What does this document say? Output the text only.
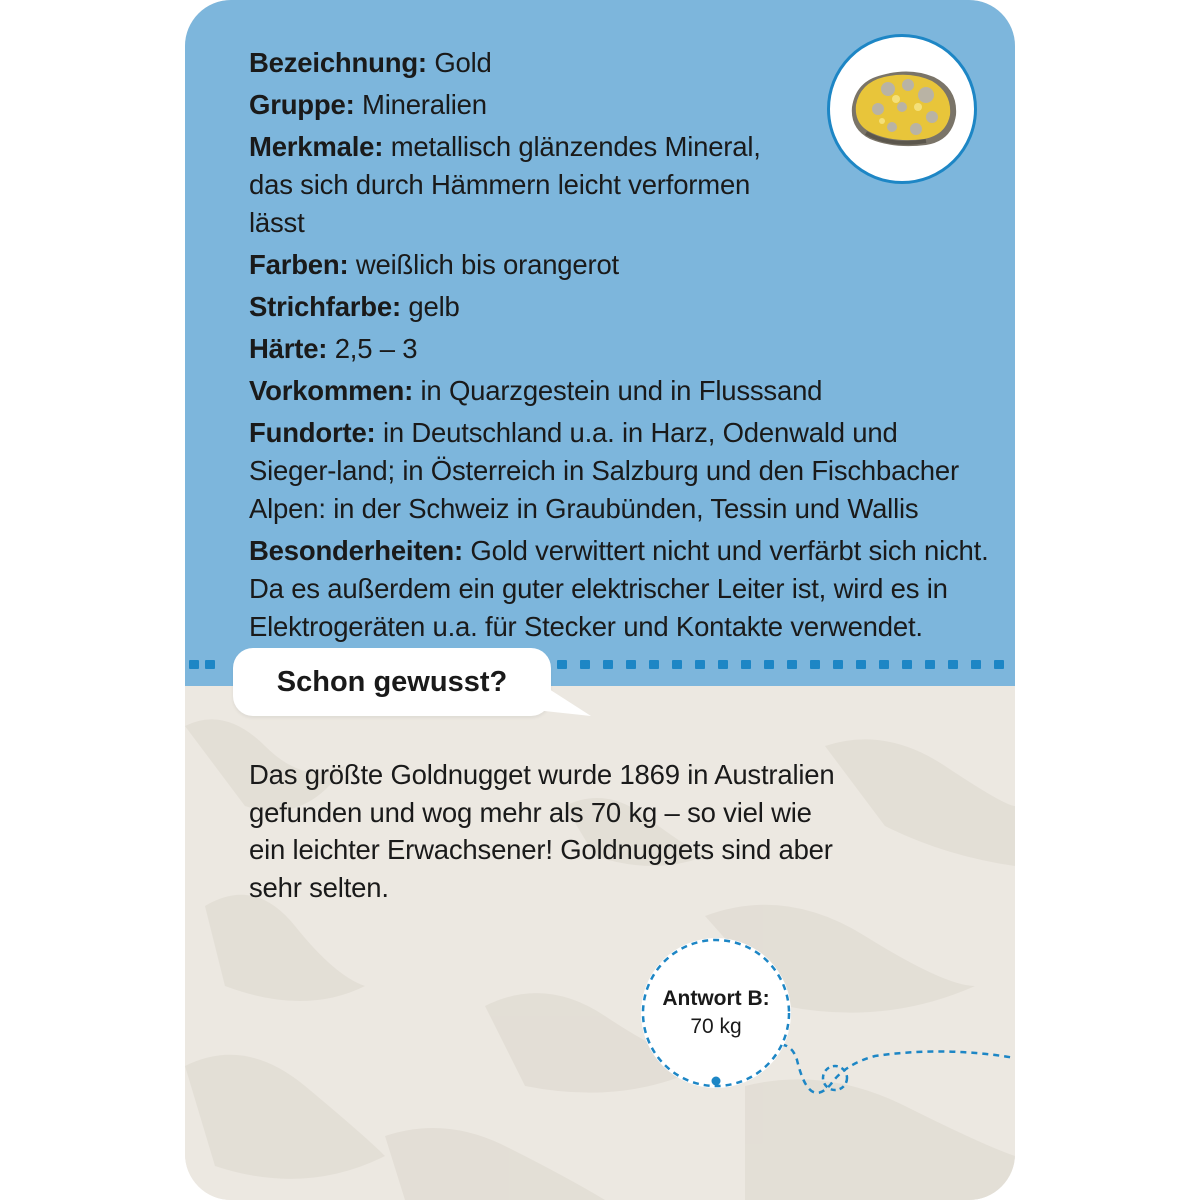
Bezeichnung: Gold
Gruppe: Mineralien
Merkmale: metallisch glänzendes Mineral, das sich durch Hämmern leicht verformen lässt
Farben: weißlich bis orangerot
Strichfarbe: gelb
Härte: 2,5 – 3
Vorkommen: in Quarzgestein und in Flusssand
Fundorte: in Deutschland u.a. in Harz, Odenwald und Sieger-land; in Österreich in Salzburg und den Fischbacher Alpen: in der Schweiz in Graubünden, Tessin und Wallis
Besonderheiten: Gold verwittert nicht und verfärbt sich nicht. Da es außerdem ein guter elektrischer Leiter ist, wird es in Elektrogeräten u.a. für Stecker und Kontakte verwendet.
Schon gewusst?
Das größte Goldnugget wurde 1869 in Australien gefunden und wog mehr als 70 kg – so viel wie ein leichter Erwachsener! Goldnuggets sind aber sehr selten.
Antwort B:
70 kg
